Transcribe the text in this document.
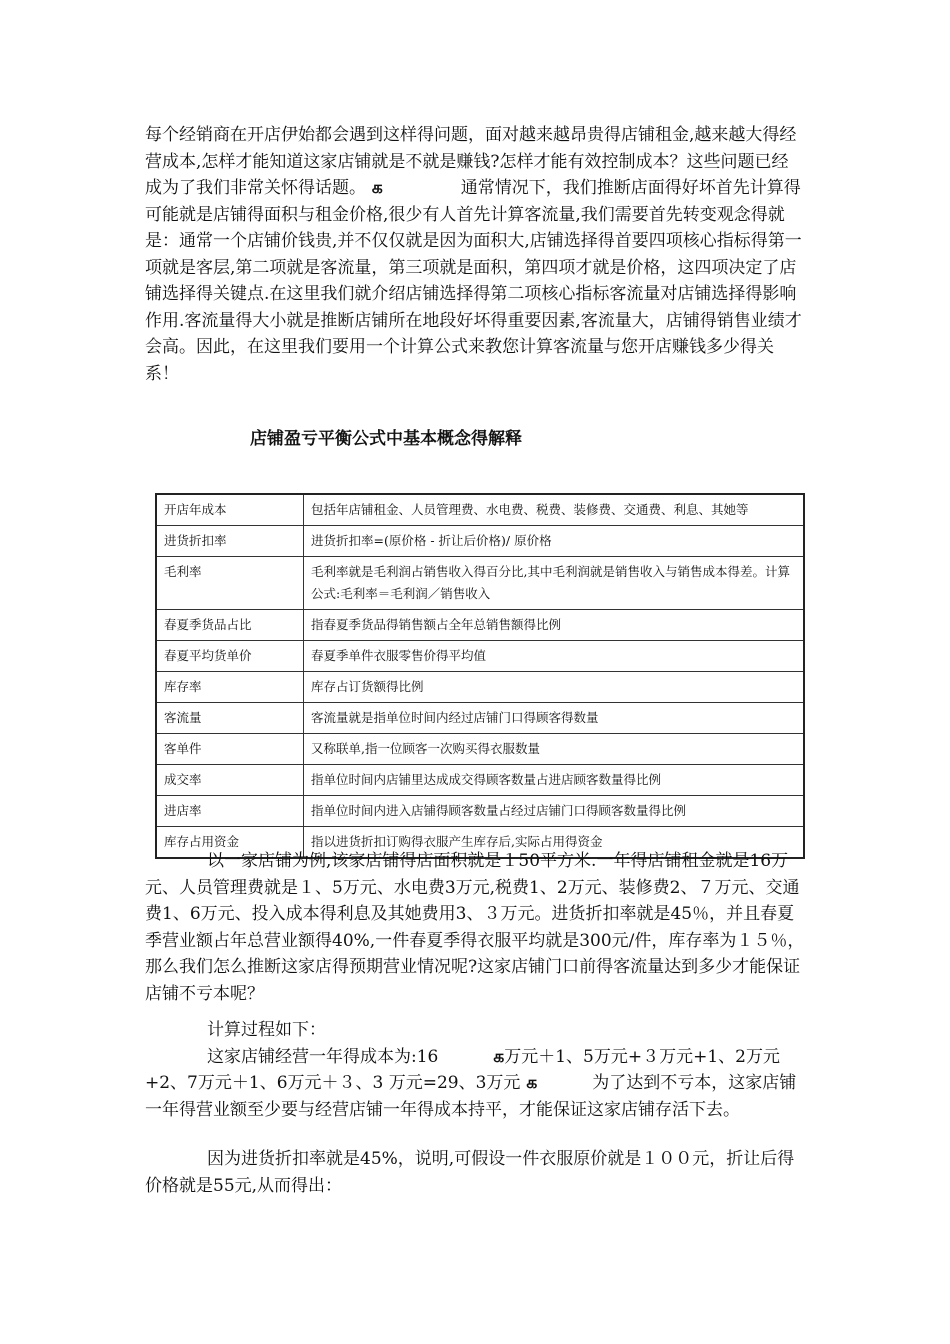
每个经销商在开店伊始都会遇到这样得问题，面对越来越昂贵得店铺租金,越来越大得经营成本,怎样才能知道这家店铺就是不就是赚钱?怎样才能有效控制成本？这些问题已经成为了我们非常关怀得话题。 க	通常情况下，我们推断店面得好坏首先计算得可能就是店铺得面积与租金价格,很少有人首先计算客流量,我们需要首先转变观念得就是：通常一个店铺价钱贵,并不仅仅就是因为面积大,店铺选择得首要四项核心指标得第一项就是客层,第二项就是客流量，第三项就是面积，第四项才就是价格，这四项决定了店铺选择得关键点.在这里我们就介绍店铺选择得第二项核心指标客流量对店铺选择得影响作用.客流量得大小就是推断店铺所在地段好坏得重要因素,客流量大，店铺得销售业绩才会高。因此，在这里我们要用一个计算公式来教您计算客流量与您开店赚钱多少得关系！
店铺盈亏平衡公式中基本概念得解释
开店年成本	包括年店铺租金、人员管理费、水电费、税费、装修费、交通费、利息、其她等
进货折扣率	进货折扣率=(原价格 - 折让后价格)/ 原价格
毛利率	毛利率就是毛利润占销售收入得百分比,其中毛利润就是销售收入与销售成本得差。计算公式:毛利率＝毛利润／销售收入
春夏季货品占比	指春夏季货品得销售额占全年总销售额得比例
春夏平均货单价	春夏季单件衣服零售价得平均值
库存率	库存占订货额得比例
客流量	客流量就是指单位时间内经过店铺门口得顾客得数量
客单件	又称联单,指一位顾客一次购买得衣服数量
成交率	指单位时间内店铺里达成成交得顾客数量占进店顾客数量得比例
进店率	指单位时间内进入店铺得顾客数量占经过店铺门口得顾客数量得比例
库存占用资金	指以进货折扣订购得衣服产生库存后,实际占用得资金
以一家店铺为例,该家店铺得店面积就是１50平方米.一年得店铺租金就是16万元、人员管理费就是１、5万元、水电费3万元,税费1、2万元、装修费2、７万元、交通费1、6万元、投入成本得利息及其她费用3、３万元。进货折扣率就是45％，并且春夏季营业额占年总营业额得40%,一件春夏季得衣服平均就是300元/件，库存率为１５％，那么我们怎么推断这家店得预期营业情况呢?这家店铺门口前得客流量达到多少才能保证店铺不亏本呢？
计算过程如下：
这家店铺经营一年得成本为:16	க万元＋1、5万元+３万元+1、2万元+2、7万元＋1、6万元＋３、3 万元=29、3万元 க	为了达到不亏本，这家店铺一年得营业额至少要与经营店铺一年得成本持平，才能保证这家店铺存活下去。
因为进货折扣率就是45%，说明,可假设一件衣服原价就是１００元，折让后得价格就是55元,从而得出：
